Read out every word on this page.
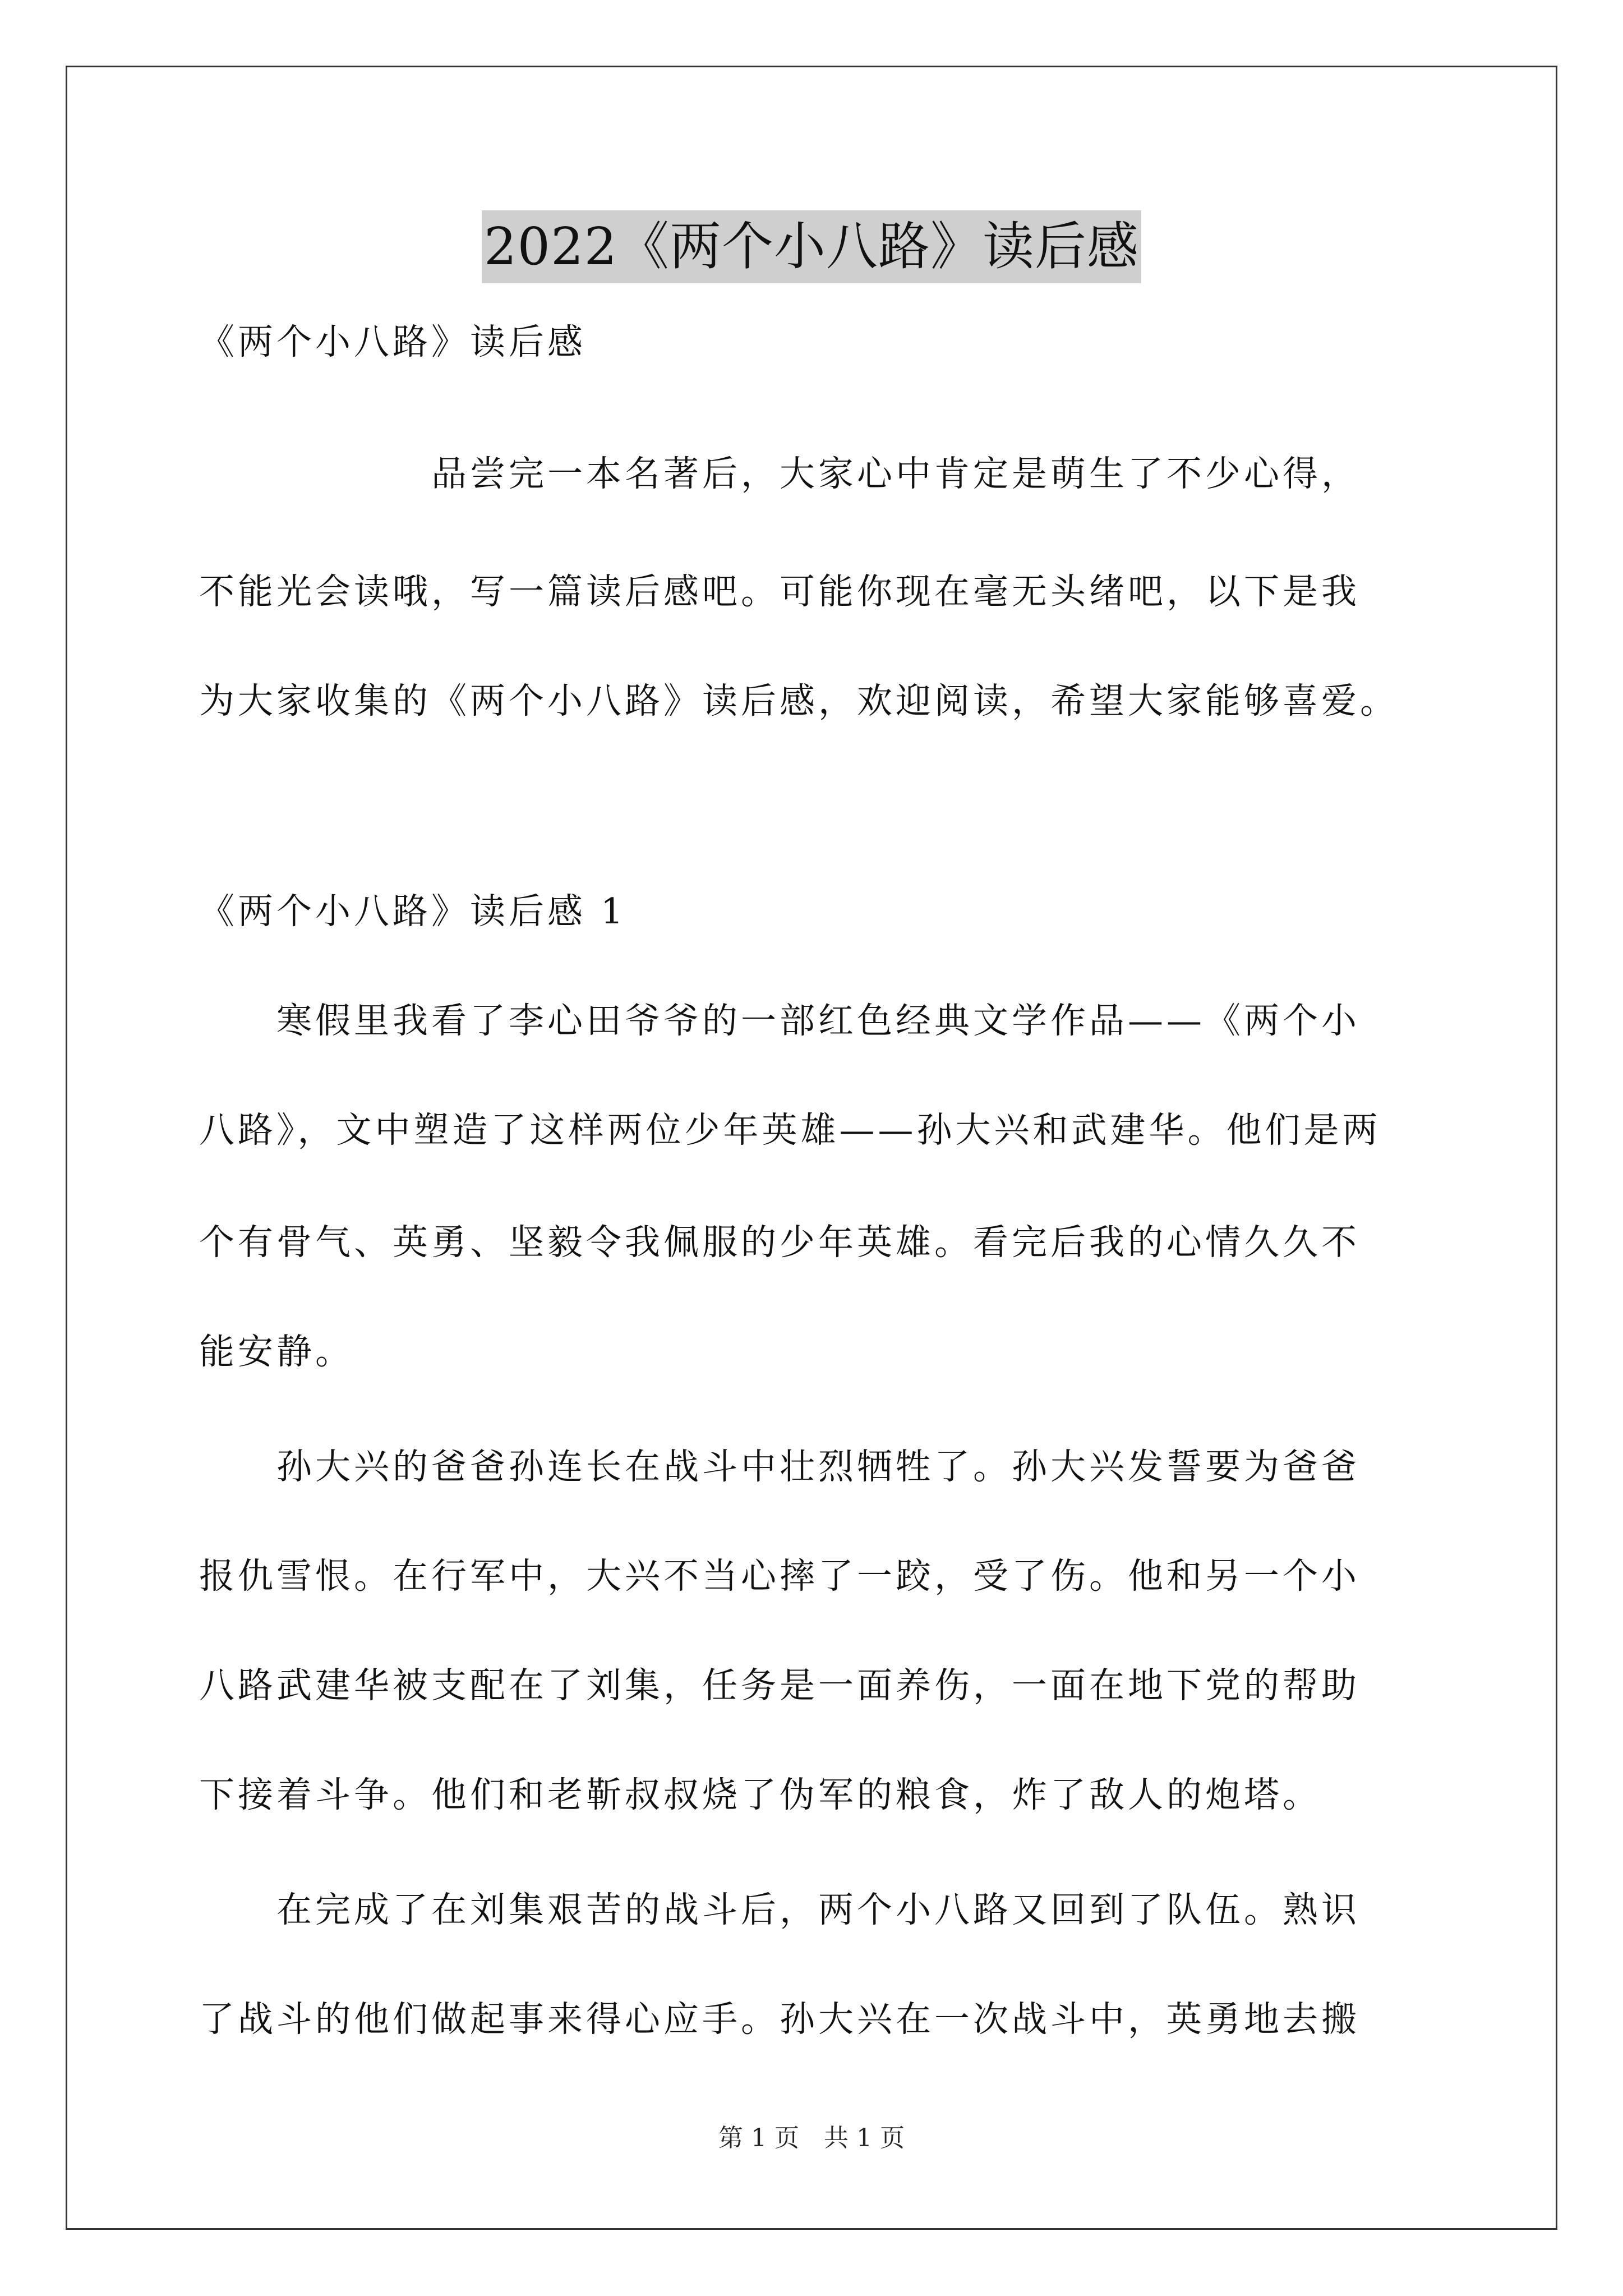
2022《两个小八路》读后感
《两个小八路》读后感
　　　　　　品尝完一本名著后，大家心中肯定是萌生了不少心得，
不能光会读哦，写一篇读后感吧。可能你现在毫无头绪吧，以下是我
为大家收集的《两个小八路》读后感，欢迎阅读，希望大家能够喜爱。
《两个小八路》读后感 1
　　寒假里我看了李心田爷爷的一部红色经典文学作品——《两个小
八路》，文中塑造了这样两位少年英雄——孙大兴和武建华。他们是两
个有骨气、英勇、坚毅令我佩服的少年英雄。看完后我的心情久久不
能安静。
　　孙大兴的爸爸孙连长在战斗中壮烈牺牲了。孙大兴发誓要为爸爸
报仇雪恨。在行军中，大兴不当心摔了一跤，受了伤。他和另一个小
八路武建华被支配在了刘集，任务是一面养伤，一面在地下党的帮助
下接着斗争。他们和老靳叔叔烧了伪军的粮食，炸了敌人的炮塔。
　　在完成了在刘集艰苦的战斗后，两个小八路又回到了队伍。熟识
了战斗的他们做起事来得心应手。孙大兴在一次战斗中，英勇地去搬
第 1 页　共 1 页
